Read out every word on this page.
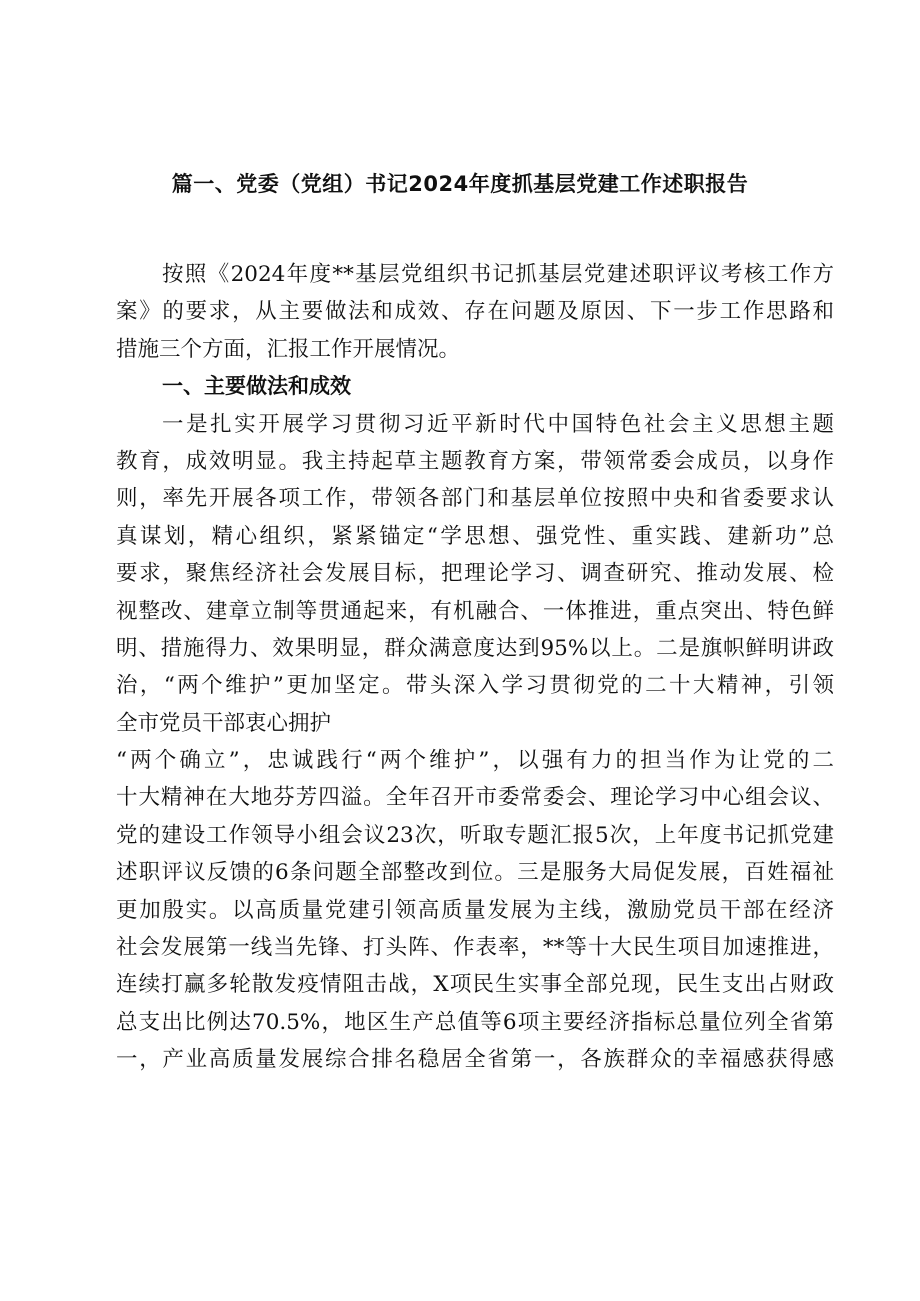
篇一、党委（党组）书记2024年度抓基层党建工作述职报告
按照《2024年度**基层党组织书记抓基层党建述职评议考核工作方
案》的要求，从主要做法和成效、存在问题及原因、下一步工作思路和
措施三个方面，汇报工作开展情况。
一、主要做法和成效
一是扎实开展学习贯彻习近平新时代中国特色社会主义思想主题
教育，成效明显。我主持起草主题教育方案，带领常委会成员，以身作
则，率先开展各项工作，带领各部门和基层单位按照中央和省委要求认
真谋划，精心组织，紧紧锚定“学思想、强党性、重实践、建新功”总
要求，聚焦经济社会发展目标，把理论学习、调查研究、推动发展、检
视整改、建章立制等贯通起来，有机融合、一体推进，重点突出、特色鲜
明、措施得力、效果明显，群众满意度达到95%以上。二是旗帜鲜明讲政
治，“两个维护”更加坚定。带头深入学习贯彻党的二十大精神，引领
全市党员干部衷心拥护
“两个确立”，忠诚践行“两个维护”，以强有力的担当作为让党的二
十大精神在大地芬芳四溢。全年召开市委常委会、理论学习中心组会议、
党的建设工作领导小组会议23次，听取专题汇报5次，上年度书记抓党建
述职评议反馈的6条问题全部整改到位。三是服务大局促发展，百姓福祉
更加殷实。以高质量党建引领高质量发展为主线，激励党员干部在经济
社会发展第一线当先锋、打头阵、作表率，**等十大民生项目加速推进，
连续打赢多轮散发疫情阻击战，X项民生实事全部兑现，民生支出占财政
总支出比例达70.5%，地区生产总值等6项主要经济指标总量位列全省第
一，产业高质量发展综合排名稳居全省第一，各族群众的幸福感获得感
